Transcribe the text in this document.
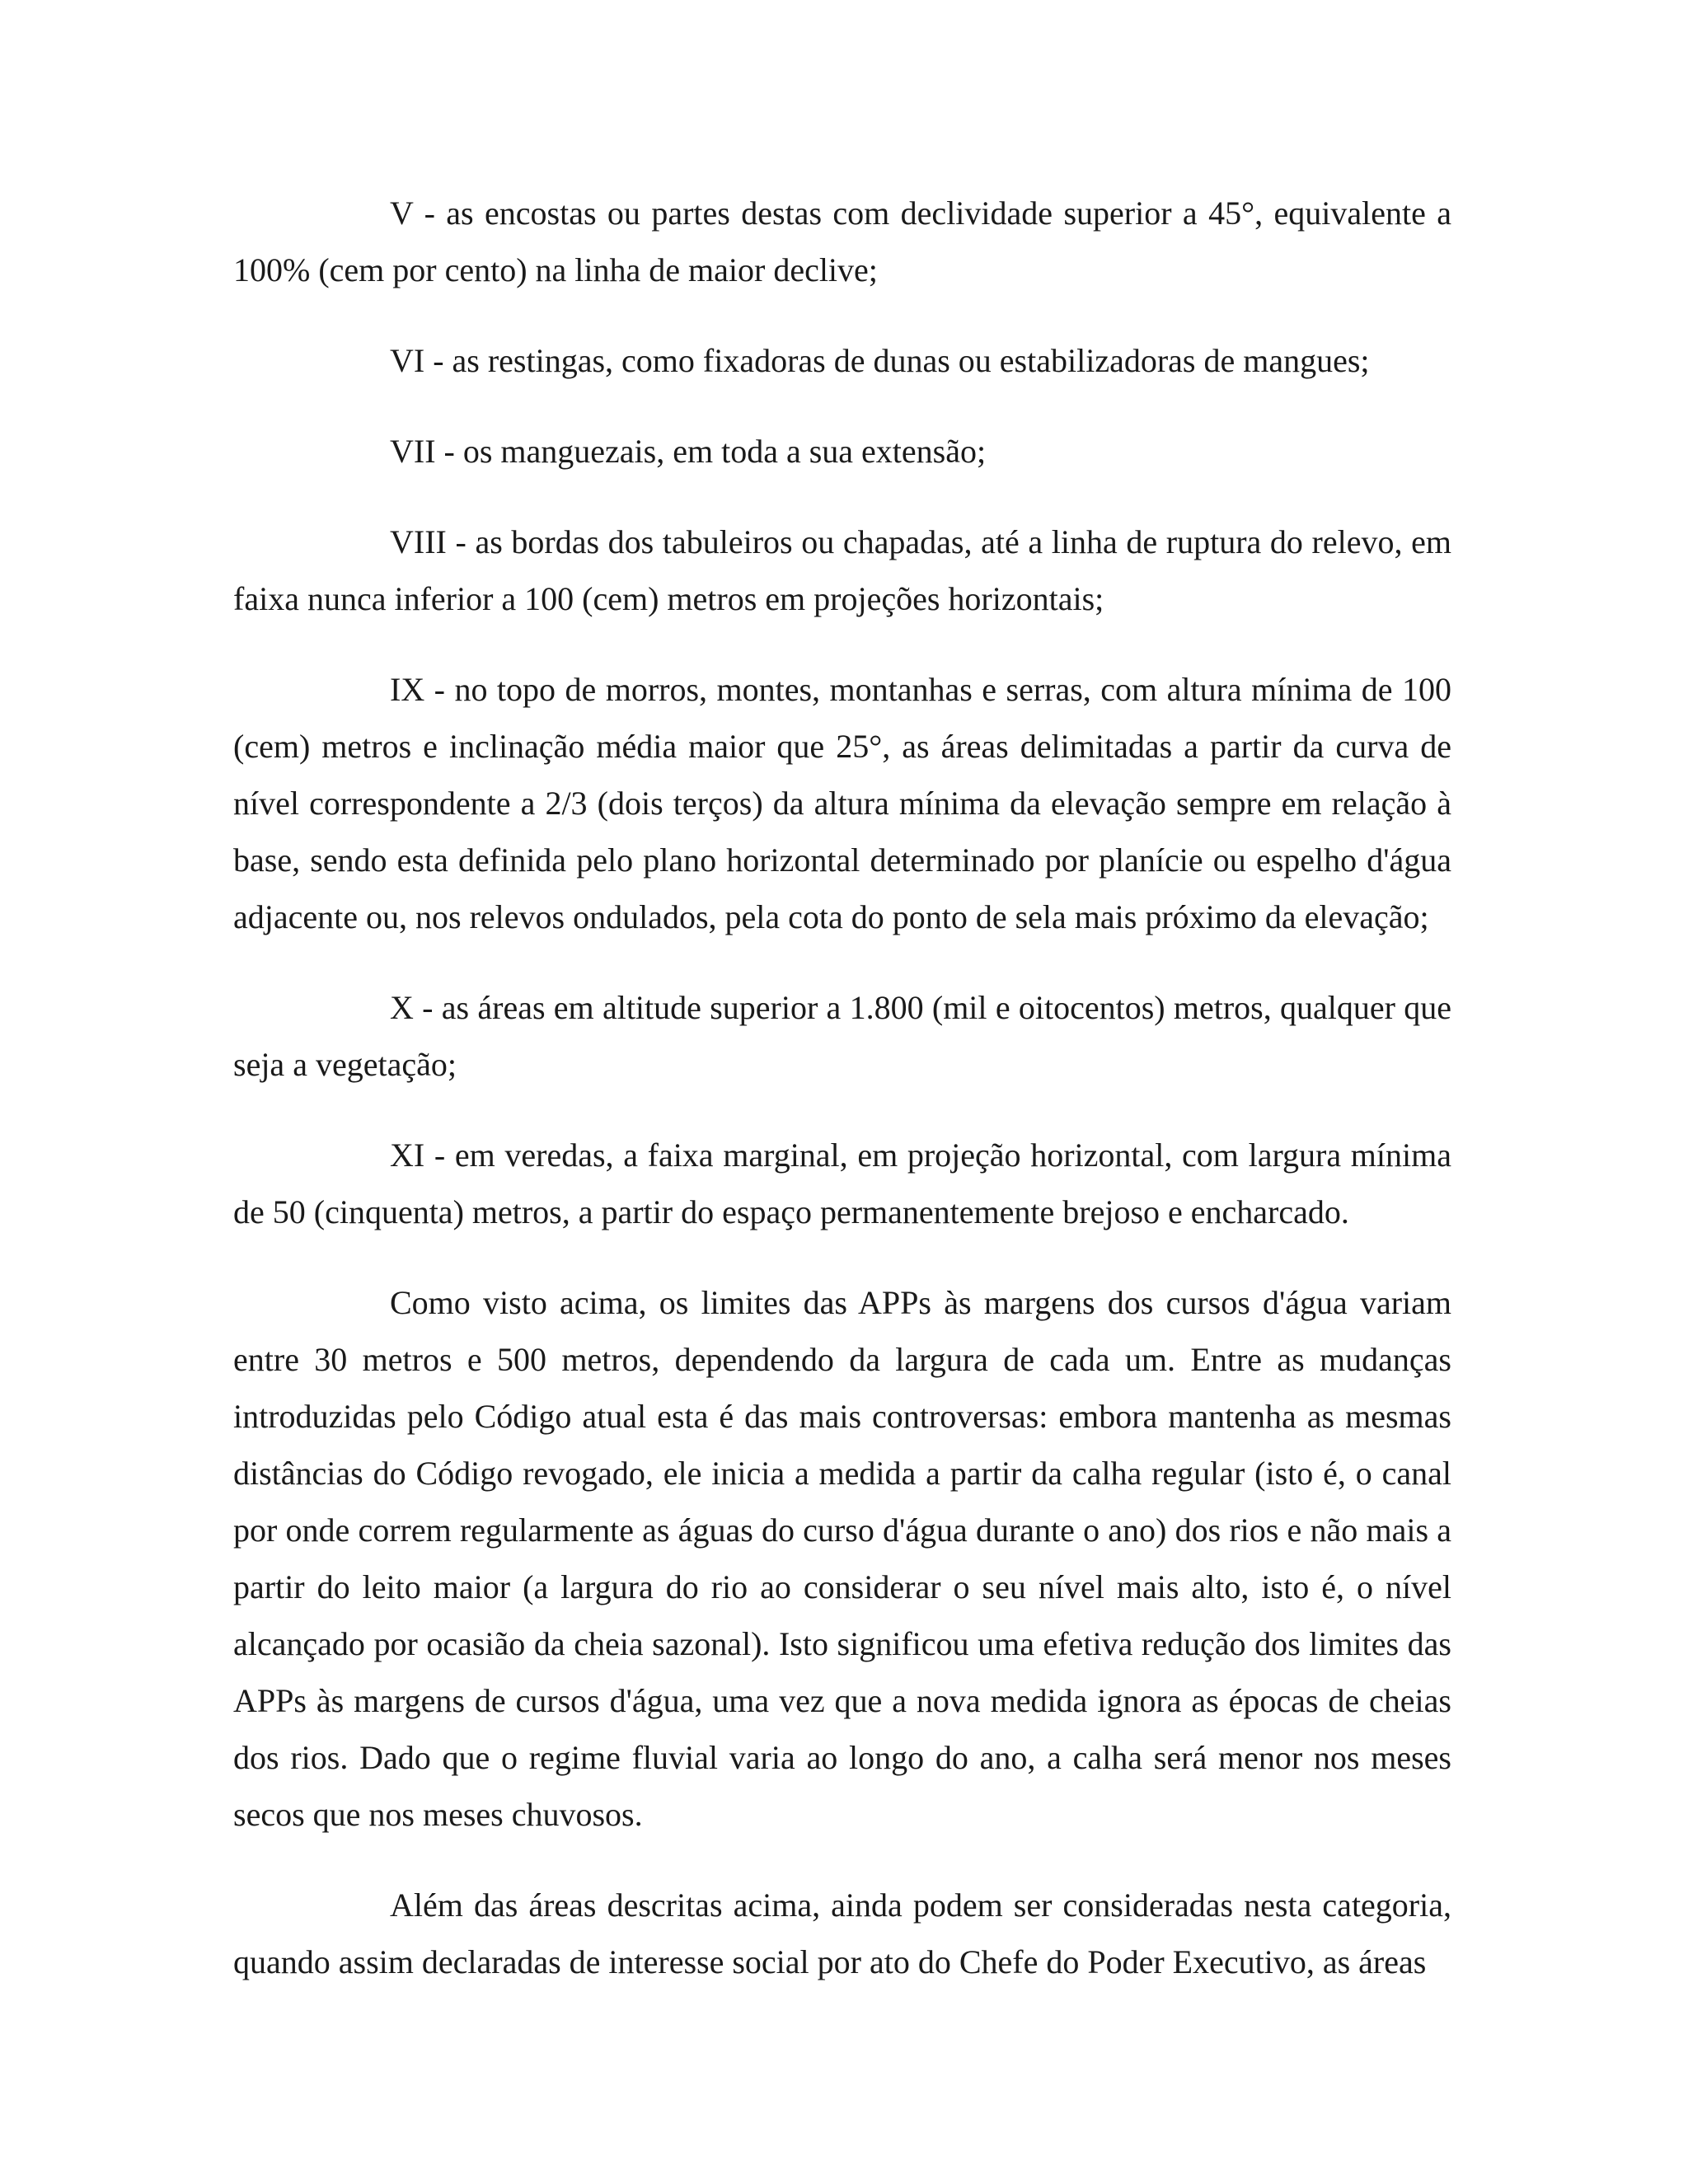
V - as encostas ou partes destas com declividade superior a 45°, equivalente a 100% (cem por cento) na linha de maior declive;

VI - as restingas, como fixadoras de dunas ou estabilizadoras de mangues;

VII - os manguezais, em toda a sua extensão;

VIII - as bordas dos tabuleiros ou chapadas, até a linha de ruptura do relevo, em faixa nunca inferior a 100 (cem) metros em projeções horizontais;

IX - no topo de morros, montes, montanhas e serras, com altura mínima de 100 (cem) metros e inclinação média maior que 25°, as áreas delimitadas a partir da curva de nível correspondente a 2/3 (dois terços) da altura mínima da elevação sempre em relação à base, sendo esta definida pelo plano horizontal determinado por planície ou espelho d'água adjacente ou, nos relevos ondulados, pela cota do ponto de sela mais próximo da elevação;

X - as áreas em altitude superior a 1.800 (mil e oitocentos) metros, qualquer que seja a vegetação;

XI - em veredas, a faixa marginal, em projeção horizontal, com largura mínima de 50 (cinquenta) metros, a partir do espaço permanentemente brejoso e encharcado.

Como visto acima, os limites das APPs às margens dos cursos d'água variam entre 30 metros e 500 metros, dependendo da largura de cada um. Entre as mudanças introduzidas pelo Código atual esta é das mais controversas: embora mantenha as mesmas distâncias do Código revogado, ele inicia a medida a partir da calha regular (isto é, o canal por onde correm regularmente as águas do curso d'água durante o ano) dos rios e não mais a partir do leito maior (a largura do rio ao considerar o seu nível mais alto, isto é, o nível alcançado por ocasião da cheia sazonal). Isto significou uma efetiva redução dos limites das APPs às margens de cursos d'água, uma vez que a nova medida ignora as épocas de cheias dos rios. Dado que o regime fluvial varia ao longo do ano, a calha será menor nos meses secos que nos meses chuvosos.

Além das áreas descritas acima, ainda podem ser consideradas nesta categoria, quando assim declaradas de interesse social por ato do Chefe do Poder Executivo, as áreas
